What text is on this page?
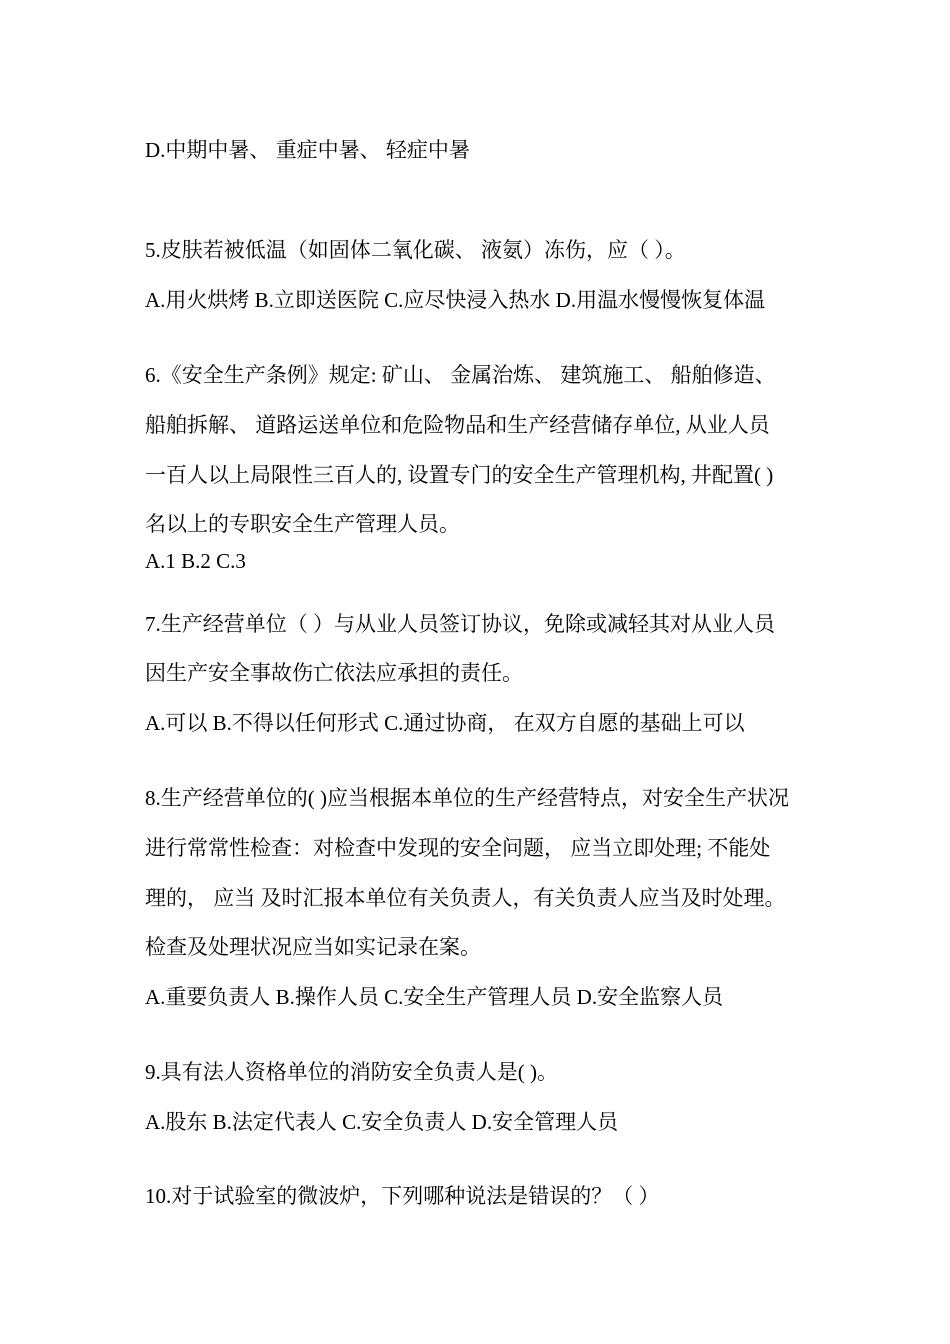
D.中期中暑、 重症中暑、 轻症中暑
5.皮肤若被低温（如固体二氧化碳、 液氨）冻伤，应（ ）。
A.用火烘烤 B.立即送医院 C.应尽快浸入热水 D.用温水慢慢恢复体温
6.《安全生产条例》规定: 矿山、 金属治炼、 建筑施工、 船舶修造、
船舶拆解、 道路运送单位和危险物品和生产经营储存单位, 从业人员
一百人以上局限性三百人的, 设置专门的安全生产管理机构, 井配置( )
名以上的专职安全生产管理人员。
A.1 B.2 C.3
7.生产经营单位（ ）与从业人员签订协议，免除或减轻其对从业人员
因生产安全事故伤亡依法应承担的责任。
A.可以 B.不得以任何形式 C.通过协商， 在双方自愿的基础上可以
8.生产经营单位的( )应当根据本单位的生产经营特点，对安全生产状况
进行常常性检查：对检查中发现的安全问题， 应当立即处理; 不能处
理的， 应当 及时汇报本单位有关负责人，有关负责人应当及时处理。
检查及处理状况应当如实记录在案。
A.重要负责人 B.操作人员 C.安全生产管理人员 D.安全监察人员
9.具有法人资格单位的消防安全负责人是( )。
A.股东 B.法定代表人 C.安全负责人 D.安全管理人员
10.对于试验室的微波炉，下列哪种说法是错误的？（ ）
